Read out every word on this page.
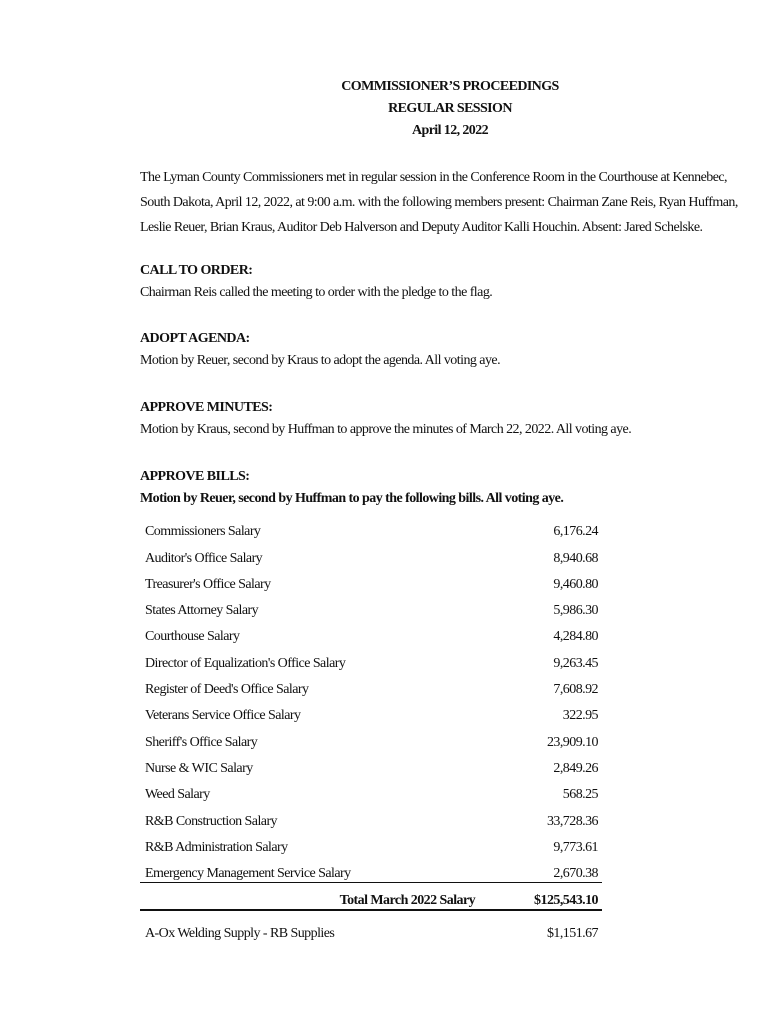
COMMISSIONER’S PROCEEDINGS
REGULAR SESSION
April 12, 2022
The Lyman County Commissioners met in regular session in the Conference Room in the Courthouse at Kennebec, South Dakota, April 12, 2022, at 9:00 a.m. with the following members present: Chairman Zane Reis, Ryan Huffman, Leslie Reuer, Brian Kraus, Auditor Deb Halverson and Deputy Auditor Kalli Houchin. Absent: Jared Schelske.
CALL TO ORDER:
Chairman Reis called the meeting to order with the pledge to the flag.
ADOPT AGENDA:
Motion by Reuer, second by Kraus to adopt the agenda. All voting aye.
APPROVE MINUTES:
Motion by Kraus, second by Huffman to approve the minutes of March 22, 2022. All voting aye.
APPROVE BILLS:
Motion by Reuer, second by Huffman to pay the following bills. All voting aye.
Commissioners Salary	6,176.24
Auditor's Office Salary	8,940.68
Treasurer's Office Salary	9,460.80
States Attorney Salary	5,986.30
Courthouse Salary	4,284.80
Director of Equalization's Office Salary	9,263.45
Register of Deed's Office Salary	7,608.92
Veterans Service Office Salary	322.95
Sheriff's Office Salary	23,909.10
Nurse & WIC Salary	2,849.26
Weed Salary	568.25
R&B Construction Salary	33,728.36
R&B Administration Salary	9,773.61
Emergency Management Service Salary	2,670.38
Total March 2022 Salary	$125,543.10
A-Ox Welding Supply - RB Supplies	$1,151.67
